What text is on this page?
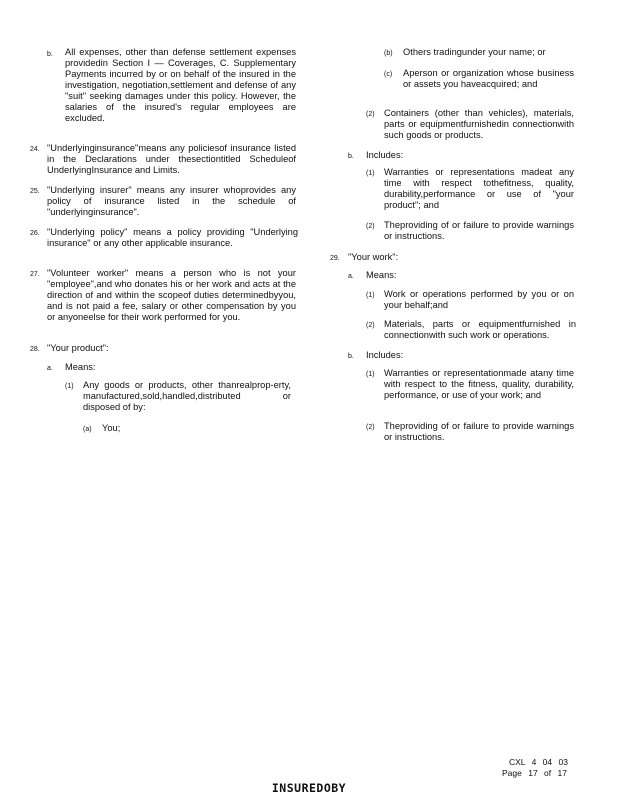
b. All expenses, other than defense settlement expenses providedin Section I — Coverages, C. Supplementary Payments incurred by or on behalf of the insured in the investigation, negotiation,settlement and defense of any "suit" seeking damages under this policy. However, the salaries of the insured's regular employees are excluded.

24. "Underlyinginsurance"means any policiesof insurance listed in the Declarations under thesectiontitled Scheduleof UnderlyingInsurance and Limits.

25. "Underlying insurer" means any insurer whoprovides any policy of insurance listed in the schedule of "underlyinginsurance".

26. "Underlying policy" means a policy providing "Underlying insurance" or any other applicable insurance.

27. "Volunteer worker" means a person who is not your "employee",and who donates his or her work and acts at the direction of and within the scopeof duties determinedbyyou, and is not paid a fee, salary or other compensation by you or anyoneelse for their work performed for you.

28. "Your product":

a. Means:

(1) Any goods or products, other thanrealprop-erty, manufactured,sold,handled,distributed or disposed of by:

(a) You;

(b) Others tradingunder your name; or

(c) Aperson or organization whose business or assets you haveacquired; and

(2) Containers (other than vehicles), materials, parts or equipmentfurnishedin connectionwith such goods or products.

b. Includes:

(1) Warranties or representations madeat any time with respect tothefitness, quality, durability,performance or use of "your product"; and

(2) Theproviding of or failure to provide warnings or instructions.

29. "Your work":

a. Means:

(1) Work or operations performed by you or on your behalf;and

(2) Materials, parts or equipmentfurnished in connectionwith such work or operations.

b. Includes:

(1) Warranties or representationmade atany time with respect to the fitness, quality, durability, performance, or use of your work; and

(2) Theproviding of or failure to provide warnings or instructions.

CXL 4 04 03
Page 17 of 17
INSUREDOBY
